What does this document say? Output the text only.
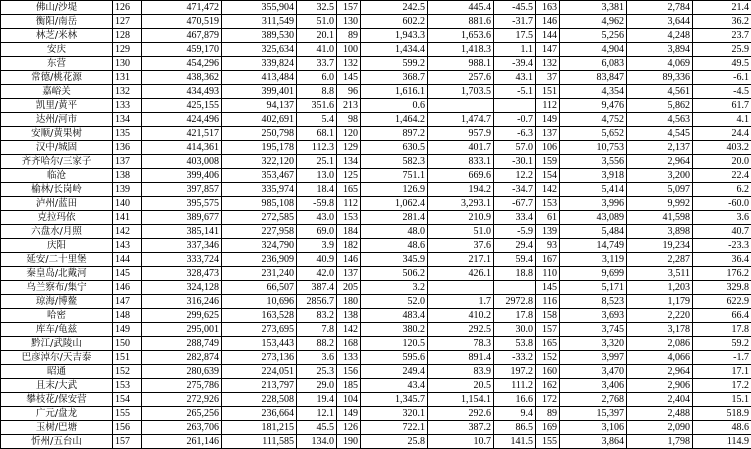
佛山/沙堤	126	471,472	355,904	32.5	157	242.5	445.4	-45.5	163	3,381	2,784	21.4
衡阳/南岳	127	470,519	311,549	51.0	130	602.2	881.6	-31.7	146	4,962	3,644	36.2
林芝/米林	128	467,879	389,530	20.1	89	1,943.3	1,653.6	17.5	144	5,256	4,248	23.7
安庆	129	459,170	325,634	41.0	100	1,434.4	1,418.3	1.1	147	4,904	3,894	25.9
东营	130	454,296	339,824	33.7	132	599.2	988.1	-39.4	132	6,083	4,069	49.5
常德/桃花源	131	438,362	413,484	6.0	145	368.7	257.6	43.1	37	83,847	89,336	-6.1
嘉峪关	132	434,493	399,401	8.8	96	1,616.1	1,703.5	-5.1	151	4,354	4,561	-4.5
凯里/黄平	133	425,155	94,137	351.6	213	0.6			112	9,476	5,862	61.7
达州/河市	134	424,496	402,691	5.4	98	1,464.2	1,474.7	-0.7	149	4,752	4,563	4.1
安顺/黄果树	135	421,517	250,798	68.1	120	897.2	957.9	-6.3	137	5,652	4,545	24.4
汉中/城固	136	414,361	195,178	112.3	129	630.5	401.7	57.0	106	10,753	2,137	403.2
齐齐哈尔/三家子	137	403,008	322,120	25.1	134	582.3	833.1	-30.1	159	3,556	2,964	20.0
临沧	138	399,406	353,467	13.0	125	751.1	669.6	12.2	154	3,918	3,200	22.4
榆林/长岗岭	139	397,857	335,974	18.4	165	126.9	194.2	-34.7	142	5,414	5,097	6.2
泸州/蓝田	140	395,575	985,108	-59.8	112	1,062.4	3,293.1	-67.7	153	3,996	9,992	-60.0
克拉玛依	141	389,677	272,585	43.0	153	281.4	210.9	33.4	61	43,089	41,598	3.6
六盘水/月照	142	385,141	227,958	69.0	184	48.0	51.0	-5.9	139	5,484	3,898	40.7
庆阳	143	337,346	324,790	3.9	182	48.6	37.6	29.4	93	14,749	19,234	-23.3
延安/二十里堡	144	333,724	236,909	40.9	146	345.9	217.1	59.4	167	3,119	2,287	36.4
秦皇岛/北戴河	145	328,473	231,240	42.0	137	506.2	426.1	18.8	110	9,699	3,511	176.2
乌兰察布/集宁	146	324,128	66,507	387.4	205	3.2			145	5,171	1,203	329.8
琼海/博鳌	147	316,246	10,696	2856.7	180	52.0	1.7	2972.8	116	8,523	1,179	622.9
哈密	148	299,625	163,528	83.2	138	483.4	410.2	17.8	158	3,693	2,220	66.4
库车/龟兹	149	295,001	273,695	7.8	142	380.2	292.5	30.0	157	3,745	3,178	17.8
黔江/武陵山	150	288,749	153,443	88.2	168	120.5	78.3	53.8	165	3,320	2,086	59.2
巴彦淖尔/天吉泰	151	282,874	273,136	3.6	133	595.6	891.4	-33.2	152	3,997	4,066	-1.7
昭通	152	280,639	224,051	25.3	156	249.4	83.9	197.2	160	3,470	2,964	17.1
且末/大武	153	275,786	213,797	29.0	185	43.4	20.5	111.2	162	3,406	2,906	17.2
攀枝花/保安营	154	272,926	228,508	19.4	104	1,345.7	1,154.1	16.6	172	2,768	2,404	15.1
广元/盘龙	155	265,256	236,664	12.1	149	320.1	292.6	9.4	89	15,397	2,488	518.9
玉树/巴塘	156	263,706	181,215	45.5	126	722.1	387.2	86.5	169	3,106	2,090	48.6
忻州/五台山	157	261,146	111,585	134.0	190	25.8	10.7	141.5	155	3,864	1,798	114.9
